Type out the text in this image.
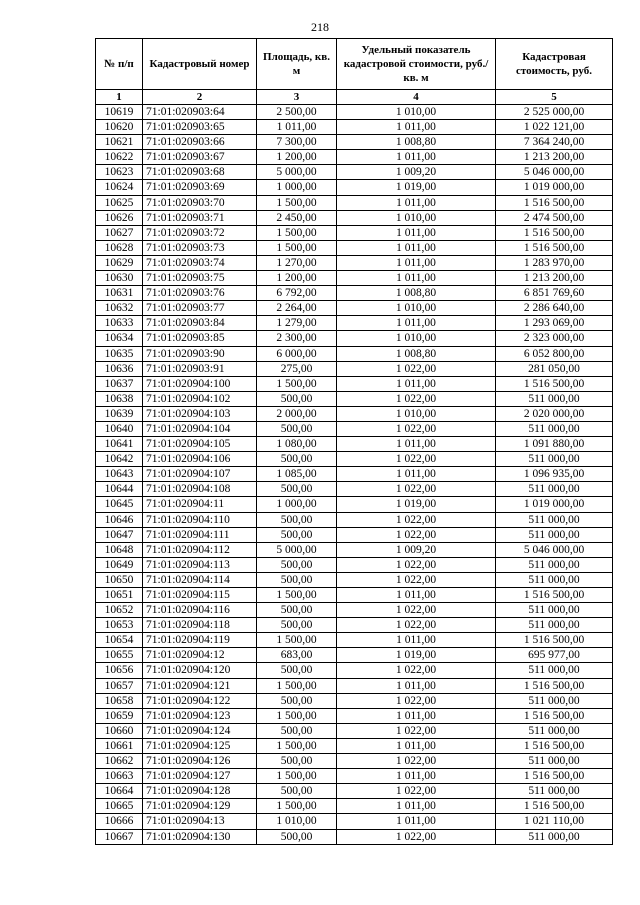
218
№ п/п	Кадастровый номер	Площадь, кв. м	Удельный показатель кадастровой стоимости, руб./кв. м	Кадастровая стоимость, руб.
1	2	3	4	5
10619	71:01:020903:64	2 500,00	1 010,00	2 525 000,00
10620	71:01:020903:65	1 011,00	1 011,00	1 022 121,00
10621	71:01:020903:66	7 300,00	1 008,80	7 364 240,00
10622	71:01:020903:67	1 200,00	1 011,00	1 213 200,00
10623	71:01:020903:68	5 000,00	1 009,20	5 046 000,00
10624	71:01:020903:69	1 000,00	1 019,00	1 019 000,00
10625	71:01:020903:70	1 500,00	1 011,00	1 516 500,00
10626	71:01:020903:71	2 450,00	1 010,00	2 474 500,00
10627	71:01:020903:72	1 500,00	1 011,00	1 516 500,00
10628	71:01:020903:73	1 500,00	1 011,00	1 516 500,00
10629	71:01:020903:74	1 270,00	1 011,00	1 283 970,00
10630	71:01:020903:75	1 200,00	1 011,00	1 213 200,00
10631	71:01:020903:76	6 792,00	1 008,80	6 851 769,60
10632	71:01:020903:77	2 264,00	1 010,00	2 286 640,00
10633	71:01:020903:84	1 279,00	1 011,00	1 293 069,00
10634	71:01:020903:85	2 300,00	1 010,00	2 323 000,00
10635	71:01:020903:90	6 000,00	1 008,80	6 052 800,00
10636	71:01:020903:91	275,00	1 022,00	281 050,00
10637	71:01:020904:100	1 500,00	1 011,00	1 516 500,00
10638	71:01:020904:102	500,00	1 022,00	511 000,00
10639	71:01:020904:103	2 000,00	1 010,00	2 020 000,00
10640	71:01:020904:104	500,00	1 022,00	511 000,00
10641	71:01:020904:105	1 080,00	1 011,00	1 091 880,00
10642	71:01:020904:106	500,00	1 022,00	511 000,00
10643	71:01:020904:107	1 085,00	1 011,00	1 096 935,00
10644	71:01:020904:108	500,00	1 022,00	511 000,00
10645	71:01:020904:11	1 000,00	1 019,00	1 019 000,00
10646	71:01:020904:110	500,00	1 022,00	511 000,00
10647	71:01:020904:111	500,00	1 022,00	511 000,00
10648	71:01:020904:112	5 000,00	1 009,20	5 046 000,00
10649	71:01:020904:113	500,00	1 022,00	511 000,00
10650	71:01:020904:114	500,00	1 022,00	511 000,00
10651	71:01:020904:115	1 500,00	1 011,00	1 516 500,00
10652	71:01:020904:116	500,00	1 022,00	511 000,00
10653	71:01:020904:118	500,00	1 022,00	511 000,00
10654	71:01:020904:119	1 500,00	1 011,00	1 516 500,00
10655	71:01:020904:12	683,00	1 019,00	695 977,00
10656	71:01:020904:120	500,00	1 022,00	511 000,00
10657	71:01:020904:121	1 500,00	1 011,00	1 516 500,00
10658	71:01:020904:122	500,00	1 022,00	511 000,00
10659	71:01:020904:123	1 500,00	1 011,00	1 516 500,00
10660	71:01:020904:124	500,00	1 022,00	511 000,00
10661	71:01:020904:125	1 500,00	1 011,00	1 516 500,00
10662	71:01:020904:126	500,00	1 022,00	511 000,00
10663	71:01:020904:127	1 500,00	1 011,00	1 516 500,00
10664	71:01:020904:128	500,00	1 022,00	511 000,00
10665	71:01:020904:129	1 500,00	1 011,00	1 516 500,00
10666	71:01:020904:13	1 010,00	1 011,00	1 021 110,00
10667	71:01:020904:130	500,00	1 022,00	511 000,00
